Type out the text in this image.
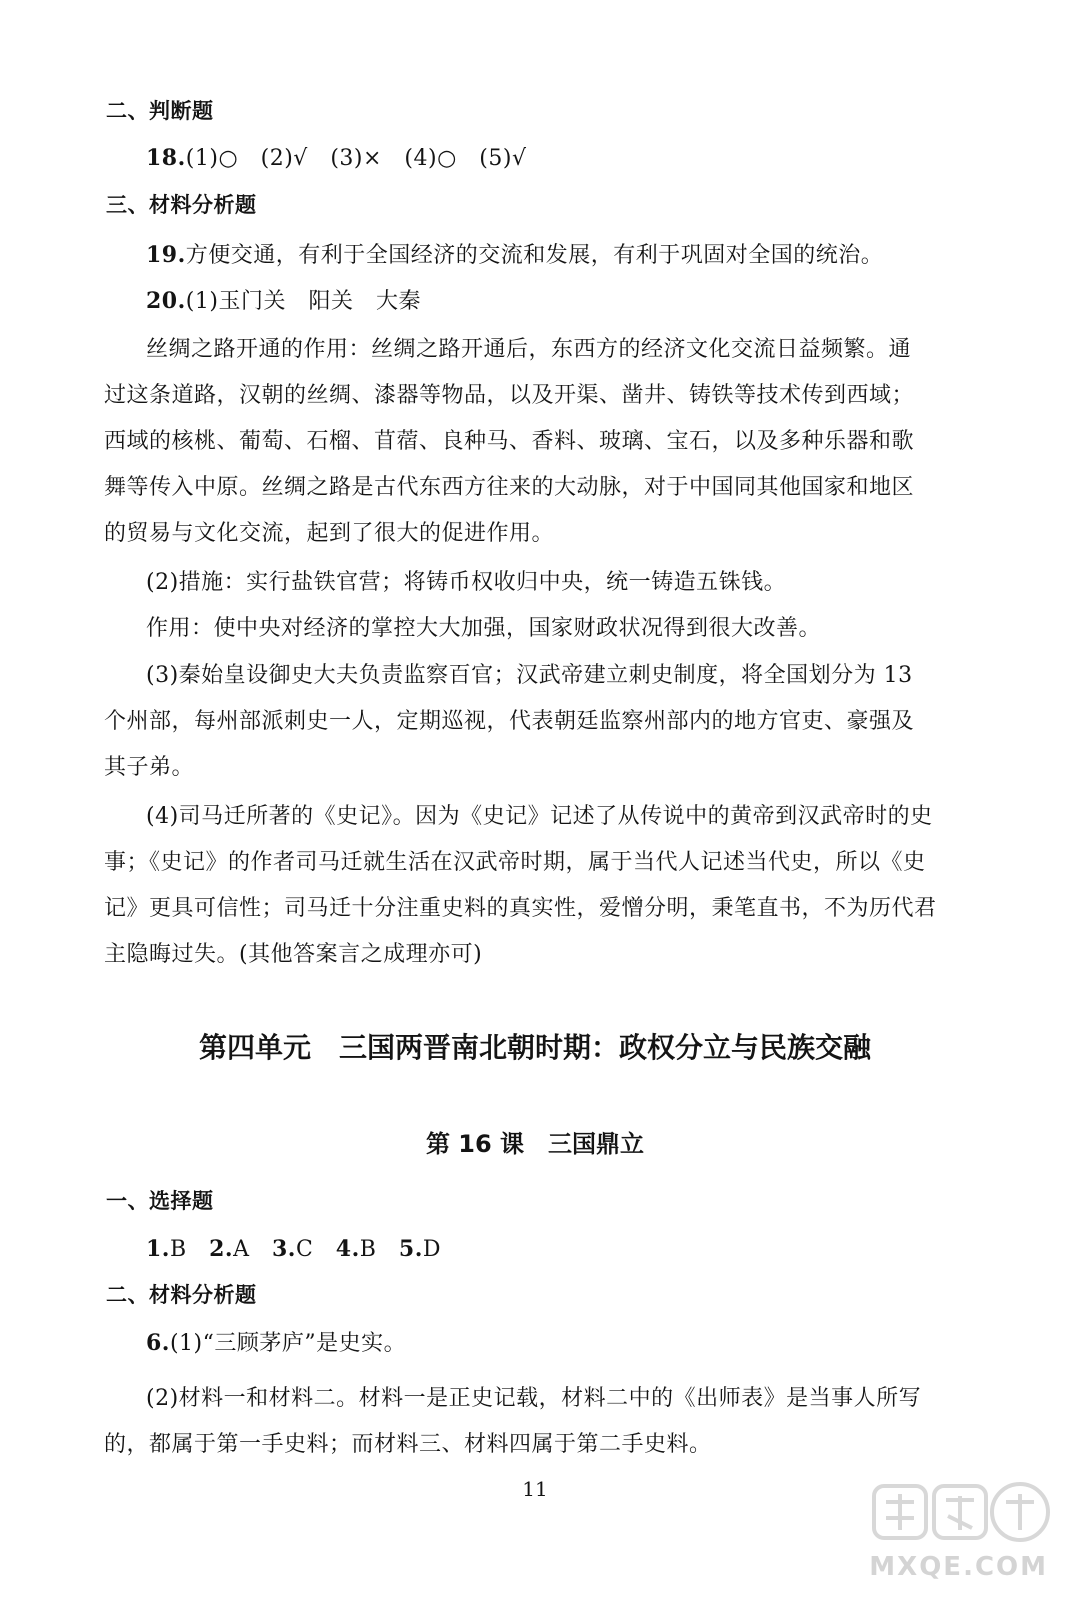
二、判断题
18.(1)○　(2)√　(3)×　(4)○　(5)√
三、材料分析题
19.方便交通，有利于全国经济的交流和发展，有利于巩固对全国的统治。
20.(1)玉门关　阳关　大秦
丝绸之路开通的作用：丝绸之路开通后，东西方的经济文化交流日益频繁。通
过这条道路，汉朝的丝绸、漆器等物品，以及开渠、凿井、铸铁等技术传到西域；
西域的核桃、葡萄、石榴、苜蓿、良种马、香料、玻璃、宝石，以及多种乐器和歌
舞等传入中原。丝绸之路是古代东西方往来的大动脉，对于中国同其他国家和地区
的贸易与文化交流，起到了很大的促进作用。
(2)措施：实行盐铁官营；将铸币权收归中央，统一铸造五铢钱。
作用：使中央对经济的掌控大大加强，国家财政状况得到很大改善。
(3)秦始皇设御史大夫负责监察百官；汉武帝建立刺史制度，将全国划分为 13
个州部，每州部派刺史一人，定期巡视，代表朝廷监察州部内的地方官吏、豪强及
其子弟。
(4)司马迁所著的《史记》。因为《史记》记述了从传说中的黄帝到汉武帝时的史
事；《史记》的作者司马迁就生活在汉武帝时期，属于当代人记述当代史，所以《史
记》更具可信性；司马迁十分注重史料的真实性，爱憎分明，秉笔直书，不为历代君
主隐晦过失。(其他答案言之成理亦可)
第四单元　三国两晋南北朝时期：政权分立与民族交融
第 16 课　三国鼎立
一、选择题
1.B 2.A 3.C 4.B 5.D
二、材料分析题
6.(1)“三顾茅庐”是史实。
(2)材料一和材料二。材料一是正史记载，材料二中的《出师表》是当事人所写
的，都属于第一手史料；而材料三、材料四属于第二手史料。
11
MXQE.COM
